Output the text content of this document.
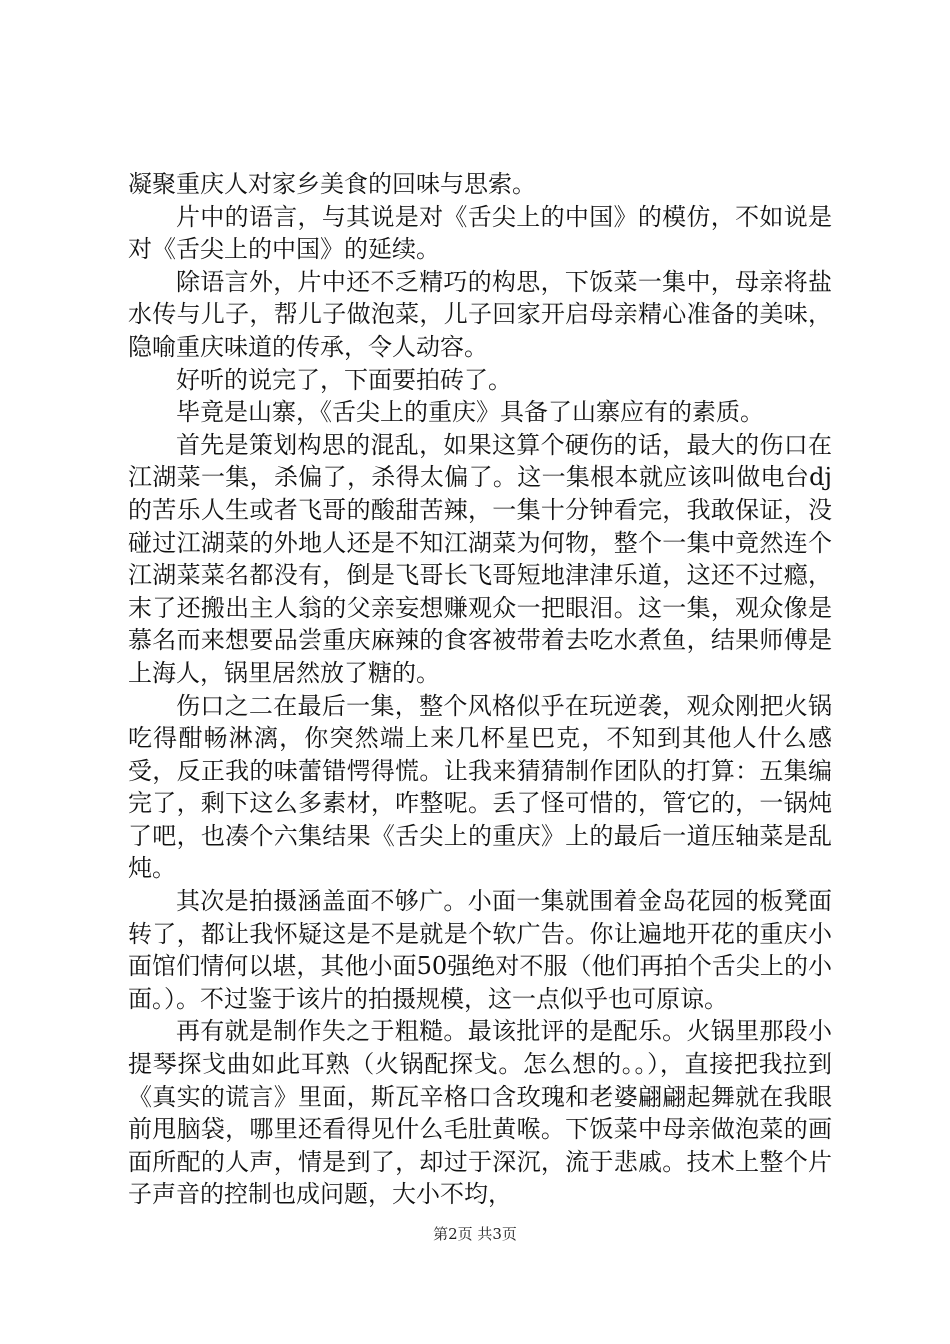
凝聚重庆人对家乡美食的回味与思索。

片中的语言，与其说是对《舌尖上的中国》的模仿，不如说是对《舌尖上的中国》的延续。

除语言外，片中还不乏精巧的构思，下饭菜一集中，母亲将盐水传与儿子，帮儿子做泡菜，儿子回家开启母亲精心准备的美味，隐喻重庆味道的传承，令人动容。

好听的说完了，下面要拍砖了。

毕竟是山寨，《舌尖上的重庆》具备了山寨应有的素质。

首先是策划构思的混乱，如果这算个硬伤的话，最大的伤口在江湖菜一集，杀偏了，杀得太偏了。这一集根本就应该叫做电台dj的苦乐人生或者飞哥的酸甜苦辣，一集十分钟看完，我敢保证，没碰过江湖菜的外地人还是不知江湖菜为何物，整个一集中竟然连个江湖菜菜名都没有，倒是飞哥长飞哥短地津津乐道，这还不过瘾，末了还搬出主人翁的父亲妄想赚观众一把眼泪。这一集，观众像是慕名而来想要品尝重庆麻辣的食客被带着去吃水煮鱼，结果师傅是上海人，锅里居然放了糖的。

伤口之二在最后一集，整个风格似乎在玩逆袭，观众刚把火锅吃得酣畅淋漓，你突然端上来几杯星巴克，不知到其他人什么感受，反正我的味蕾错愕得慌。让我来猜猜制作团队的打算：五集编完了，剩下这么多素材，咋整呢。丢了怪可惜的，管它的，一锅炖了吧，也凑个六集结果《舌尖上的重庆》上的最后一道压轴菜是乱炖。

其次是拍摄涵盖面不够广。小面一集就围着金岛花园的板凳面转了，都让我怀疑这是不是就是个软广告。你让遍地开花的重庆小面馆们情何以堪，其他小面50强绝对不服（他们再拍个舌尖上的小面。）。不过鉴于该片的拍摄规模，这一点似乎也可原谅。

再有就是制作失之于粗糙。最该批评的是配乐。火锅里那段小提琴探戈曲如此耳熟（火锅配探戈。怎么想的。。），直接把我拉到《真实的谎言》里面，斯瓦辛格口含玫瑰和老婆翩翩起舞就在我眼前甩脑袋，哪里还看得见什么毛肚黄喉。下饭菜中母亲做泡菜的画面所配的人声，情是到了，却过于深沉，流于悲戚。技术上整个片子声音的控制也成问题，大小不均，

第2页 共3页
